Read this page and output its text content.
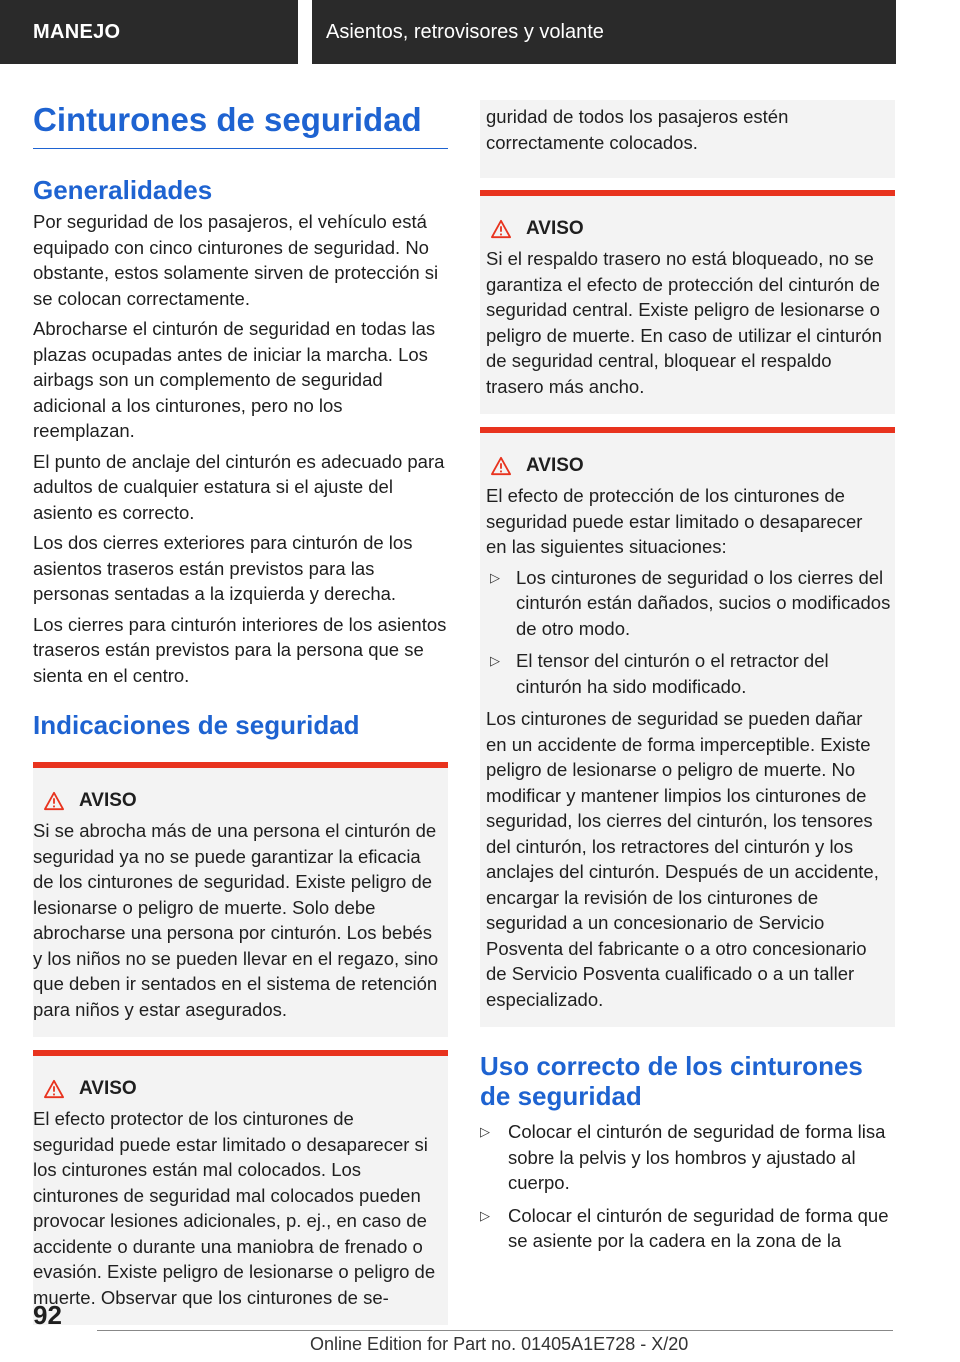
MANEJO	Asientos, retrovisores y volante
Cinturones de seguridad
Generalidades

Por seguridad de los pasajeros, el vehículo está equipado con cinco cinturones de seguridad. No obstante, estos solamente sirven de protección si se colocan correctamente.

Abrocharse el cinturón de seguridad en todas las plazas ocupadas antes de iniciar la marcha. Los airbags son un complemento de seguridad adicional a los cinturones, pero no los reemplazan.

El punto de anclaje del cinturón es adecuado para adultos de cualquier estatura si el ajuste del asiento es correcto.

Los dos cierres exteriores para cinturón de los asientos traseros están previstos para las personas sentadas a la izquierda y derecha.

Los cierres para cinturón interiores de los asientos traseros están previstos para la persona que se sienta en el centro.

Indicaciones de seguridad
AVISO

Si se abrocha más de una persona el cinturón de seguridad ya no se puede garantizar la eficacia de los cinturones de seguridad. Existe peligro de lesionarse o peligro de muerte. Solo debe abrocharse una persona por cinturón. Los bebés y los niños no se pueden llevar en el regazo, sino que deben ir sentados en el sistema de retención para niños y estar asegurados.

AVISO

El efecto protector de los cinturones de seguridad puede estar limitado o desaparecer si los cinturones están mal colocados. Los cinturones de seguridad mal colocados pueden provocar lesiones adicionales, p. ej., en caso de accidente o durante una maniobra de frenado o evasión. Existe peligro de lesionarse o peligro de muerte. Observar que los cinturones de se-

guridad de todos los pasajeros estén correctamente colocados.

AVISO

Si el respaldo trasero no está bloqueado, no se garantiza el efecto de protección del cinturón de seguridad central. Existe peligro de lesionarse o peligro de muerte. En caso de utilizar el cinturón de seguridad central, bloquear el respaldo trasero más ancho.

AVISO

El efecto de protección de los cinturones de seguridad puede estar limitado o desaparecer en las siguientes situaciones:

▷ Los cinturones de seguridad o los cierres del cinturón están dañados, sucios o modificados de otro modo.
▷ El tensor del cinturón o el retractor del cinturón ha sido modificado.

Los cinturones de seguridad se pueden dañar en un accidente de forma imperceptible. Existe peligro de lesionarse o peligro de muerte. No modificar y mantener limpios los cinturones de seguridad, los cierres del cinturón, los tensores del cinturón, los retractores del cinturón y los anclajes del cinturón. Después de un accidente, encargar la revisión de los cinturones de seguridad a un concesionario de Servicio Posventa del fabricante o a otro concesionario de Servicio Posventa cualificado o a un taller especializado.

Uso correcto de los cinturones de seguridad
▷ Colocar el cinturón de seguridad de forma lisa sobre la pelvis y los hombros y ajustado al cuerpo.
▷ Colocar el cinturón de seguridad de forma que se asiente por la cadera en la zona de la
92
Online Edition for Part no. 01405A1E728 - X/20
